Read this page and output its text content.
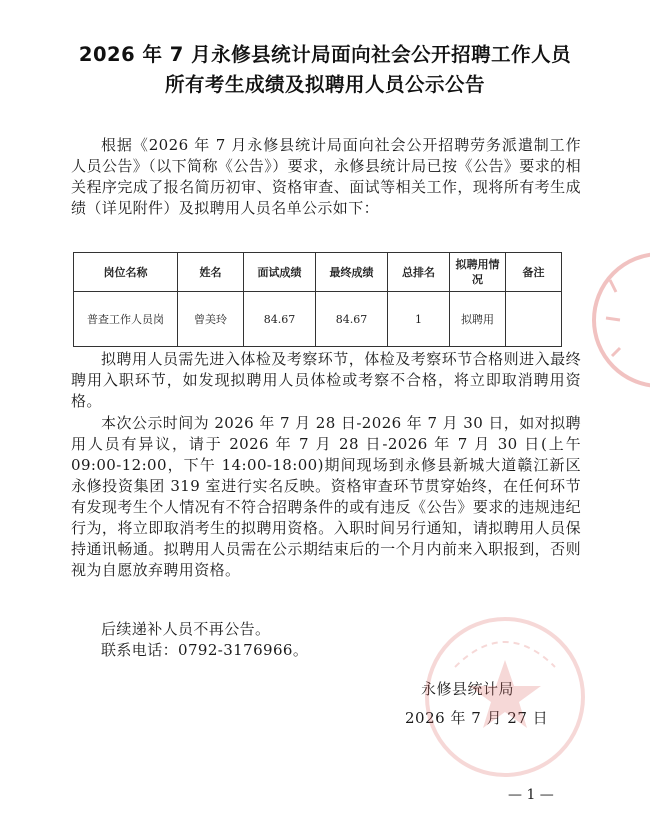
2026 年 7 月永修县统计局面向社会公开招聘工作人员
所有考生成绩及拟聘用人员公示公告

根据《2026 年 7 月永修县统计局面向社会公开招聘劳务派遣制工作人员公告》（以下简称《公告》）要求，永修县统计局已按《公告》要求的相关程序完成了报名简历初审、资格审查、面试等相关工作，现将所有考生成绩（详见附件）及拟聘用人员名单公示如下：

岗位名称	姓名	面试成绩	最终成绩	总排名	拟聘用情况	备注
普查工作人员岗	曾美玲	84.67	84.67	1	拟聘用	

拟聘用人员需先进入体检及考察环节，体检及考察环节合格则进入最终聘用入职环节，如发现拟聘用人员体检或考察不合格，将立即取消聘用资格。

本次公示时间为 2026 年 7 月 28 日-2026 年 7 月 30 日，如对拟聘用人员有异议，请于 2026 年 7 月 28 日-2026 年 7 月 30 日(上午 09:00-12:00，下午 14:00-18:00)期间现场到永修县新城大道赣江新区永修投资集团 319 室进行实名反映。资格审查环节贯穿始终，在任何环节有发现考生个人情况有不符合招聘条件的或有违反《公告》要求的违规违纪行为，将立即取消考生的拟聘用资格。入职时间另行通知，请拟聘用人员保持通讯畅通。拟聘用人员需在公示期结束后的一个月内前来入职报到，否则视为自愿放弃聘用资格。

后续递补人员不再公告。

联系电话：0792-3176966。

永修县统计局
2026 年 7 月 27 日
— 1 —
